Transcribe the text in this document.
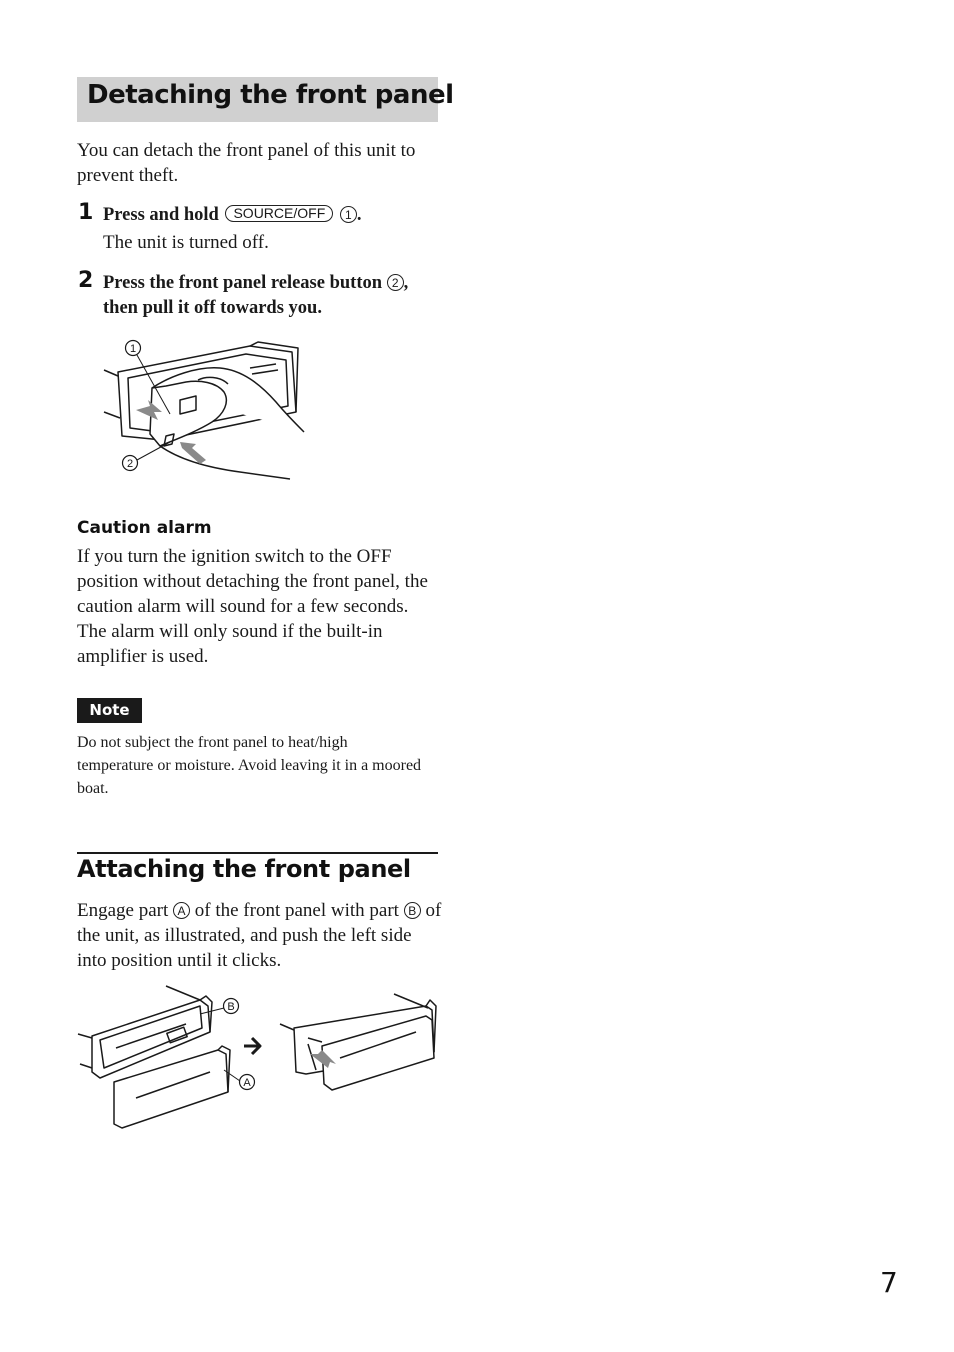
Detaching the front panel
You can detach the front panel of this unit to prevent theft.
1 Press and hold SOURCE/OFF 1 .
The unit is turned off.
2 Press the front panel release button 2 ,
then pull it off towards you.
1
2
Caution alarm
If you turn the ignition switch to the OFF position without detaching the front panel, the caution alarm will sound for a few seconds. The alarm will only sound if the built-in amplifier is used.
Note
Do not subject the front panel to heat/high temperature or moisture. Avoid leaving it in a moored boat.
Attaching the front panel
Engage part A of the front panel with part B of the unit, as illustrated, and push the left side into position until it clicks.
B
A
7
